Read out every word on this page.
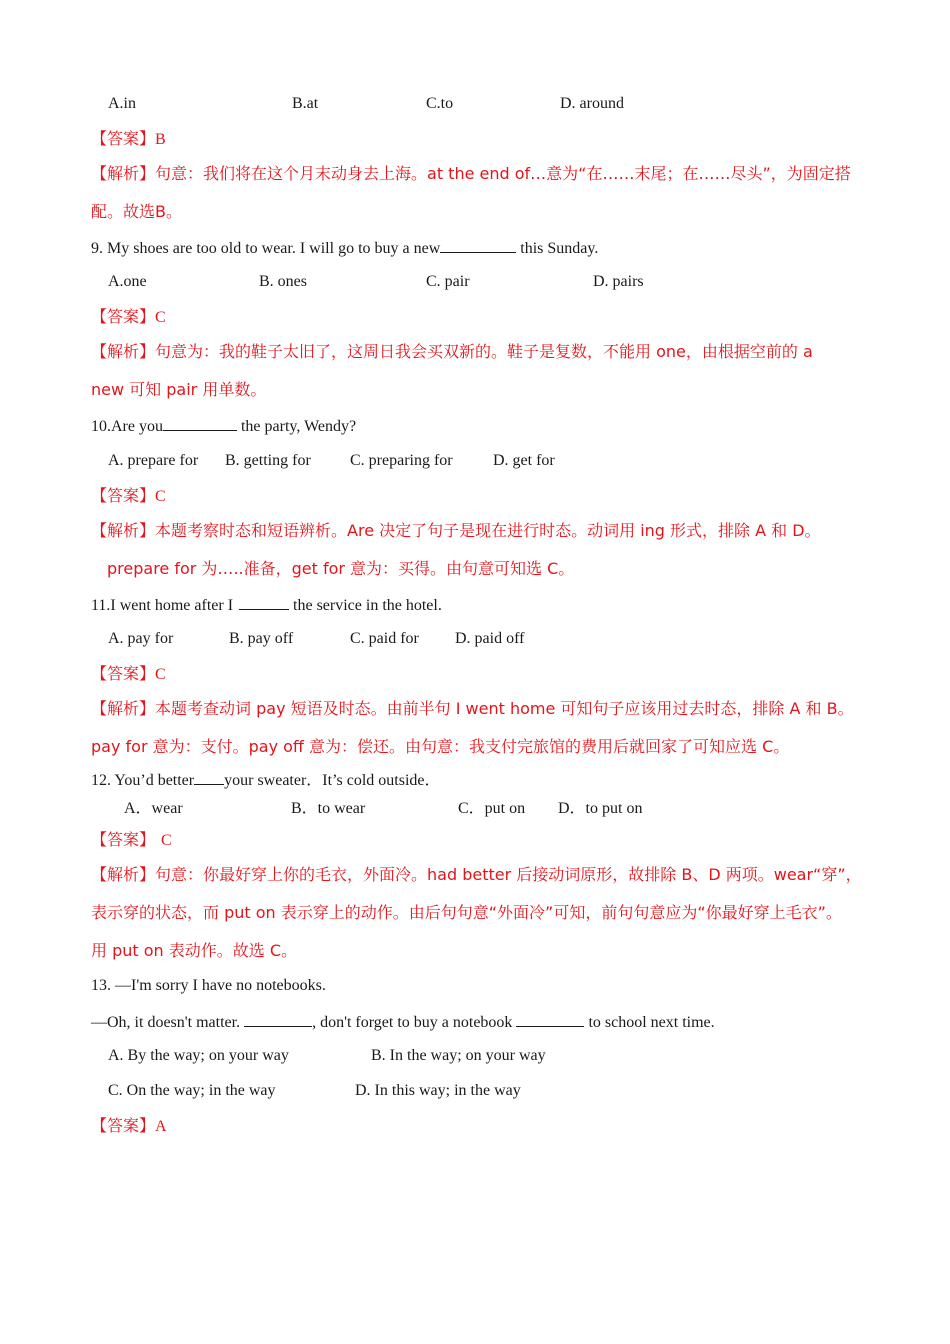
A.in	B.at	C.to	D. around
【答案】B
【解析】句意：我们将在这个月末动身去上海。at the end of…意为“在……末尾；在……尽头”，为固定搭
配。故选B。
9. My shoes are too old to wear. I will go to buy a new	this Sunday.
A.one	B. ones	C. pair	D. pairs
【答案】C
【解析】句意为：我的鞋子太旧了，这周日我会买双新的。鞋子是复数，不能用 one，由根据空前的 a
new 可知 pair 用单数。
10.Are you	the party, Wendy?
A. prepare for B. getting for C. preparing for	D. get for
【答案】C
【解析】本题考察时态和短语辨析。Are 决定了句子是现在进行时态。动词用 ing 形式，排除 A 和 D。
prepare for 为…..准备，get for 意为：买得。由句意可知选 C。
11.I went home after I	the service in the hotel.
A. pay for	B. pay off	C. paid for D. paid off
【答案】C
【解析】本题考查动词 pay 短语及时态。由前半句 I went home 可知句子应该用过去时态，排除 A 和 B。
pay for 意为：支付。pay off 意为：偿还。由句意：我支付完旅馆的费用后就回家了可知应选 C。
12. You’d better your sweater．It’s cold outside．
A．wear	B．to wear	C．put on D．to put on
【答案】 C
【解析】句意：你最好穿上你的毛衣，外面冷。had better 后接动词原形，故排除 B、D 两项。wear“穿”，
表示穿的状态，而 put on 表示穿上的动作。由后句句意“外面冷”可知，前句句意应为“你最好穿上毛衣”。
用 put on 表动作。故选 C。
13. —I'm sorry I have no notebooks.
—Oh, it doesn't matter.	, don't forget to buy a notebook	to school next time.
A. By the way; on your way	B. In the way; on your way
C. On the way; in the way	D. In this way; in the way
【答案】A
